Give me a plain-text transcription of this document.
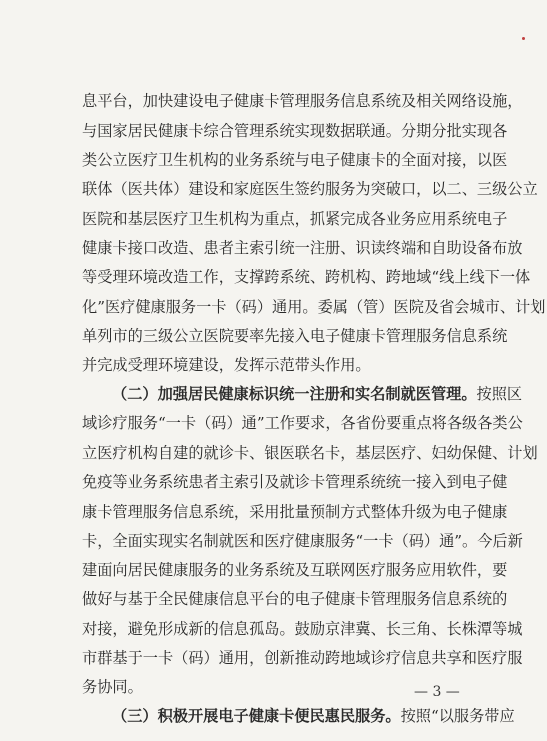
息平台，加快建设电子健康卡管理服务信息系统及相关网络设施，
与国家居民健康卡综合管理系统实现数据联通。分期分批实现各
类公立医疗卫生机构的业务系统与电子健康卡的全面对接，以医
联体（医共体）建设和家庭医生签约服务为突破口，以二、三级公立
医院和基层医疗卫生机构为重点，抓紧完成各业务应用系统电子
健康卡接口改造、患者主索引统一注册、识读终端和自助设备布放
等受理环境改造工作，支撑跨系统、跨机构、跨地域“线上线下一体
化”医疗健康服务一卡（码）通用。委属（管）医院及省会城市、计划
单列市的三级公立医院要率先接入电子健康卡管理服务信息系统
并完成受理环境建设，发挥示范带头作用。
（二）加强居民健康标识统一注册和实名制就医管理。按照区
域诊疗服务“一卡（码）通”工作要求，各省份要重点将各级各类公
立医疗机构自建的就诊卡、银医联名卡，基层医疗、妇幼保健、计划
免疫等业务系统患者主索引及就诊卡管理系统统一接入到电子健
康卡管理服务信息系统，采用批量预制方式整体升级为电子健康
卡，全面实现实名制就医和医疗健康服务“一卡（码）通”。今后新
建面向居民健康服务的业务系统及互联网医疗服务应用软件，要
做好与基于全民健康信息平台的电子健康卡管理服务信息系统的
对接，避免形成新的信息孤岛。鼓励京津冀、长三角、长株潭等城
市群基于一卡（码）通用，创新推动跨地域诊疗信息共享和医疗服
务协同。
（三）积极开展电子健康卡便民惠民服务。按照“以服务带应
— 3 —
